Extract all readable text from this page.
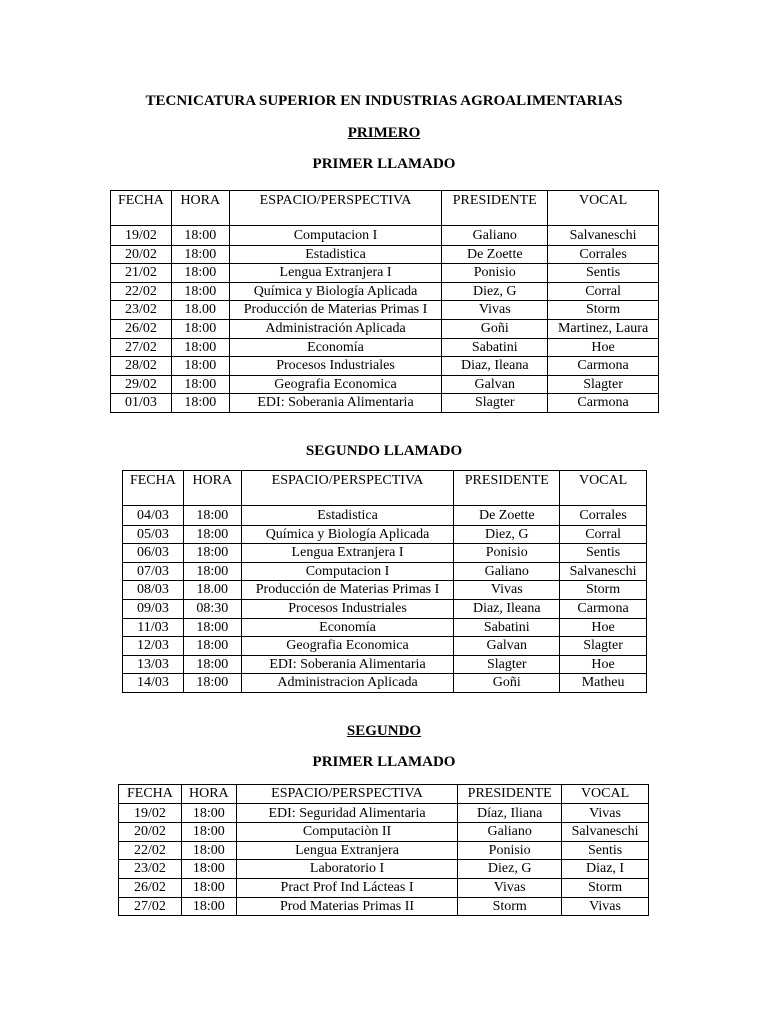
TECNICATURA SUPERIOR EN INDUSTRIAS AGROALIMENTARIAS
PRIMERO
PRIMER LLAMADO
FECHA	HORA	ESPACIO/PERSPECTIVA	PRESIDENTE	VOCAL
19/02	18:00	Computacion I	Galiano	Salvaneschi
20/02	18:00	Estadistica	De Zoette	Corrales
21/02	18:00	Lengua Extranjera I	Ponisio	Sentis
22/02	18:00	Química y Biología Aplicada	Diez, G	Corral
23/02	18.00	Producción de Materias Primas I	Vivas	Storm
26/02	18:00	Administración Aplicada	Goñi	Martinez, Laura
27/02	18:00	Economía	Sabatini	Hoe
28/02	18:00	Procesos Industriales	Diaz, Ileana	Carmona
29/02	18:00	Geografia Economica	Galvan	Slagter
01/03	18:00	EDI: Soberania Alimentaria	Slagter	Carmona
SEGUNDO LLAMADO
FECHA	HORA	ESPACIO/PERSPECTIVA	PRESIDENTE	VOCAL
04/03	18:00	Estadistica	De Zoette	Corrales
05/03	18:00	Química y Biología Aplicada	Diez, G	Corral
06/03	18:00	Lengua Extranjera I	Ponisio	Sentis
07/03	18:00	Computacion I	Galiano	Salvaneschi
08/03	18.00	Producción de Materias Primas I	Vivas	Storm
09/03	08:30	Procesos Industriales	Diaz, Ileana	Carmona
11/03	18:00	Economía	Sabatini	Hoe
12/03	18:00	Geografia Economica	Galvan	Slagter
13/03	18:00	EDI: Soberania Alimentaria	Slagter	Hoe
14/03	18:00	Administracion Aplicada	Goñi	Matheu
SEGUNDO
PRIMER LLAMADO
FECHA	HORA	ESPACIO/PERSPECTIVA	PRESIDENTE	VOCAL
19/02	18:00	EDI: Seguridad Alimentaria	Díaz, Iliana	Vivas
20/02	18:00	Computaciòn II	Galiano	Salvaneschi
22/02	18:00	Lengua Extranjera	Ponisio	Sentis
23/02	18:00	Laboratorio I	Diez, G	Diaz, I
26/02	18:00	Pract Prof Ind Lácteas I	Vivas	Storm
27/02	18:00	Prod Materias Primas II	Storm	Vivas
